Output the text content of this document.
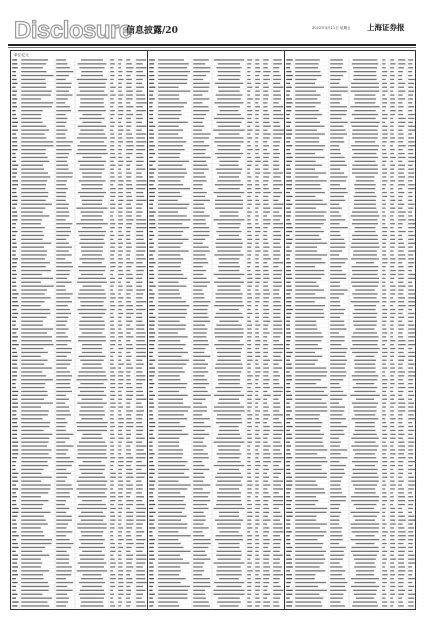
Disclosure
信息披露/20	2022年3月11日 星期五 上海证券报
单位:亿元
